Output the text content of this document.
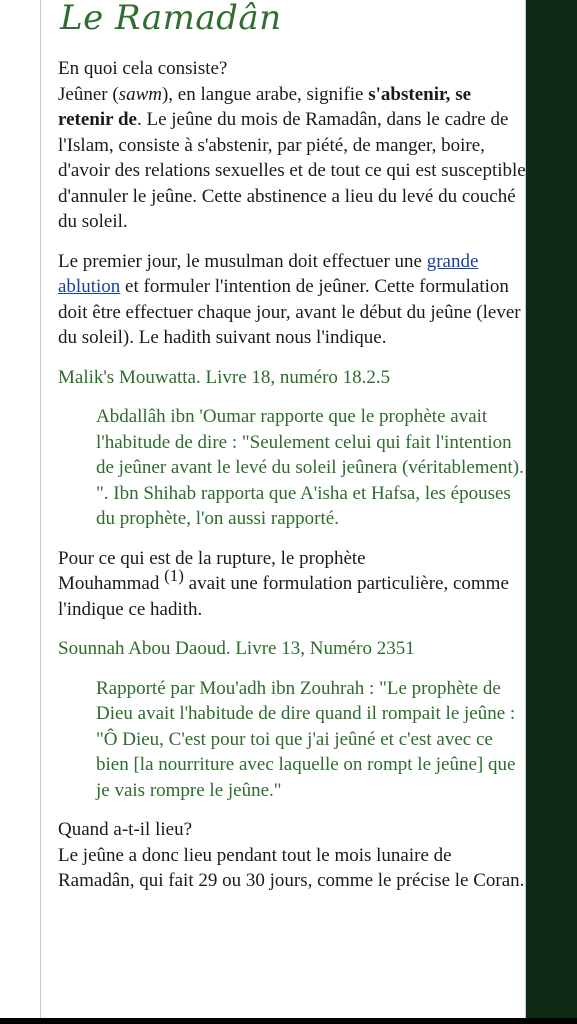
Le Ramadân

En quoi cela consiste?
Jeûner (sawm), en langue arabe, signifie s'abstenir, se retenir de. Le jeûne du mois de Ramadân, dans le cadre de l'Islam, consiste à s'abstenir, par piété, de manger, boire, d'avoir des relations sexuelles et de tout ce qui est susceptible d'annuler le jeûne. Cette abstinence a lieu du levé du couché du soleil.

Le premier jour, le musulman doit effectuer une grande ablution et formuler l'intention de jeûner. Cette formulation doit être effectuer chaque jour, avant le début du jeûne (lever du soleil). Le hadith suivant nous l'indique.

Malik's Mouwatta. Livre 18, numéro 18.2.5

Abdallâh ibn 'Oumar rapporte que le prophète avait l'habitude de dire : "Seulement celui qui fait l'intention de jeûner avant le levé du soleil jeûnera (véritablement). ". Ibn Shihab rapporta que A'isha et Hafsa, les épouses du prophète, l'on aussi rapporté.

Pour ce qui est de la rupture, le prophète
Mouhammad (1) avait une formulation particulière, comme l'indique ce hadith.

Sounnah Abou Daoud. Livre 13, Numéro 2351

Rapporté par Mou'adh ibn Zouhrah : "Le prophète de Dieu avait l'habitude de dire quand il rompait le jeûne : "Ô Dieu, C'est pour toi que j'ai jeûné et c'est avec ce bien [la nourriture avec laquelle on rompt le jeûne] que je vais rompre le jeûne."

Quand a-t-il lieu?
Le jeûne a donc lieu pendant tout le mois lunaire de Ramadân, qui fait 29 ou 30 jours, comme le précise le Coran.
